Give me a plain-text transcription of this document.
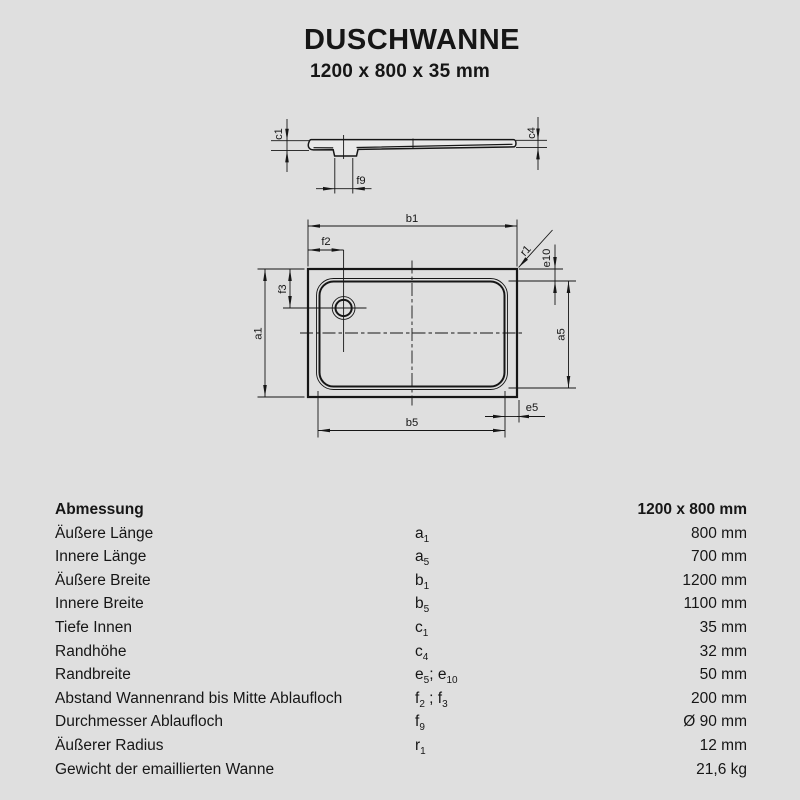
DUSCHWANNE
1200 x 800 x 35 mm
c1	c4
f9
b1
f2
f3
a1
r1 e10
a5
e5
b5
Abmessung	1200 x 800 mm
Äußere Länge	$a_1$	800 mm
Innere Länge	$a_5$	700 mm
Äußere Breite	$b_1$	1200 mm
Innere Breite	$b_5$	1100 mm
Tiefe Innen	$c_1$	35 mm
Randhöhe	$c_4$	32 mm
Randbreite	$e_5$; $e_{10}$	50 mm
Abstand Wannenrand bis Mitte Ablaufloch	$f_2$ ; $f_3$	200 mm
Durchmesser Ablaufloch	$f_9$	Ø 90 mm
Äußerer Radius	$r_1$	12 mm
Gewicht der emaillierten Wanne	21,6 kg
